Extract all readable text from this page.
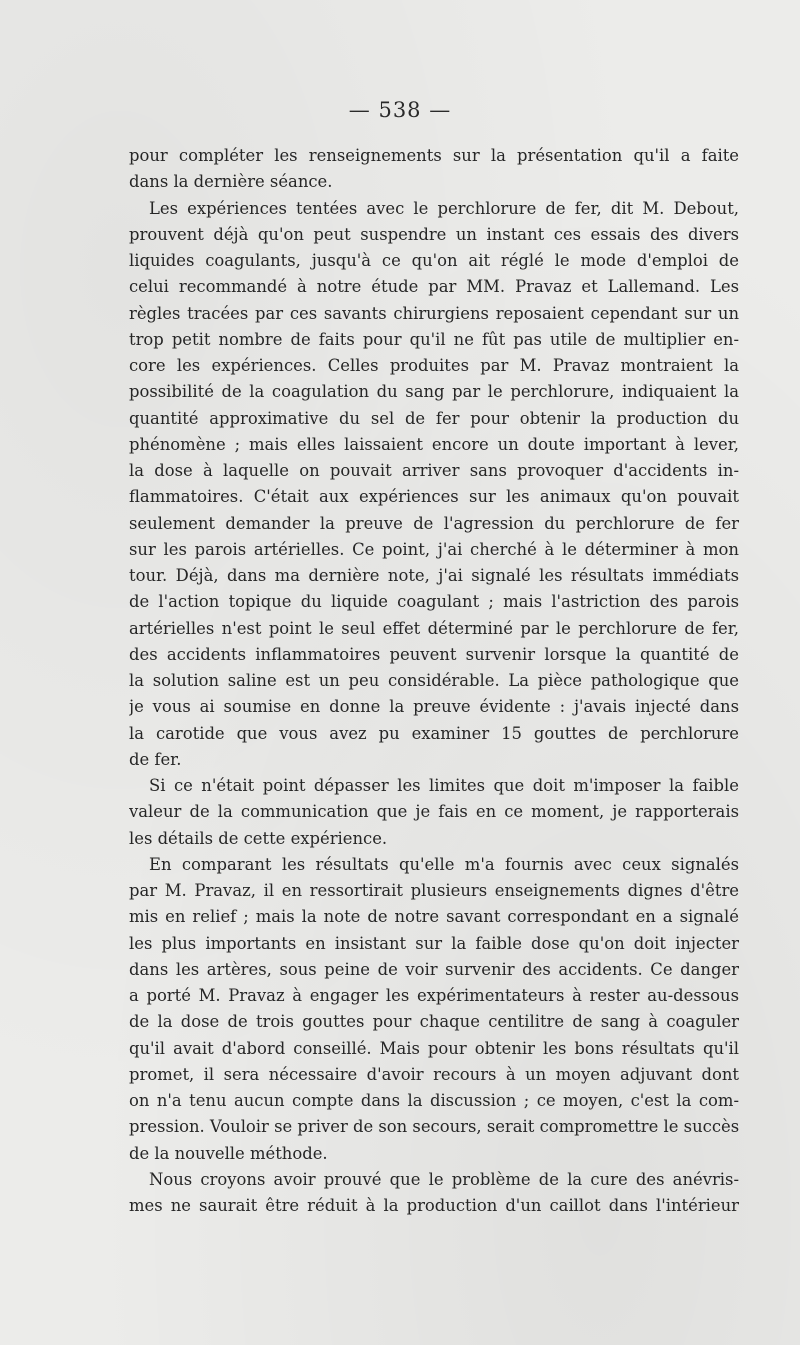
— 538 —
pour compléter les renseignements sur la présentation qu'il a faite
dans la dernière séance.
Les expériences tentées avec le perchlorure de fer, dit M. Debout,
prouvent déjà qu'on peut suspendre un instant ces essais des divers
liquides coagulants, jusqu'à ce qu'on ait réglé le mode d'emploi de
celui recommandé à notre étude par MM. Pravaz et Lallemand. Les
règles tracées par ces savants chirurgiens reposaient cependant sur un
trop petit nombre de faits pour qu'il ne fût pas utile de multiplier en-
core les expériences. Celles produites par M. Pravaz montraient la
possibilité de la coagulation du sang par le perchlorure, indiquaient la
quantité approximative du sel de fer pour obtenir la production du
phénomène ; mais elles laissaient encore un doute important à lever,
la dose à laquelle on pouvait arriver sans provoquer d'accidents in-
flammatoires. C'était aux expériences sur les animaux qu'on pouvait
seulement demander la preuve de l'agression du perchlorure de fer
sur les parois artérielles. Ce point, j'ai cherché à le déterminer à mon
tour. Déjà, dans ma dernière note, j'ai signalé les résultats immédiats
de l'action topique du liquide coagulant ; mais l'astriction des parois
artérielles n'est point le seul effet déterminé par le perchlorure de fer,
des accidents inflammatoires peuvent survenir lorsque la quantité de
la solution saline est un peu considérable. La pièce pathologique que
je vous ai soumise en donne la preuve évidente : j'avais injecté dans
la carotide que vous avez pu examiner 15 gouttes de perchlorure
de fer.
Si ce n'était point dépasser les limites que doit m'imposer la faible
valeur de la communication que je fais en ce moment, je rapporterais
les détails de cette expérience.
En comparant les résultats qu'elle m'a fournis avec ceux signalés
par M. Pravaz, il en ressortirait plusieurs enseignements dignes d'être
mis en relief ; mais la note de notre savant correspondant en a signalé
les plus importants en insistant sur la faible dose qu'on doit injecter
dans les artères, sous peine de voir survenir des accidents. Ce danger
a porté M. Pravaz à engager les expérimentateurs à rester au-dessous
de la dose de trois gouttes pour chaque centilitre de sang à coaguler
qu'il avait d'abord conseillé. Mais pour obtenir les bons résultats qu'il
promet, il sera nécessaire d'avoir recours à un moyen adjuvant dont
on n'a tenu aucun compte dans la discussion ; ce moyen, c'est la com-
pression. Vouloir se priver de son secours, serait compromettre le succès
de la nouvelle méthode.
Nous croyons avoir prouvé que le problème de la cure des anévris-
mes ne saurait être réduit à la production d'un caillot dans l'intérieur
